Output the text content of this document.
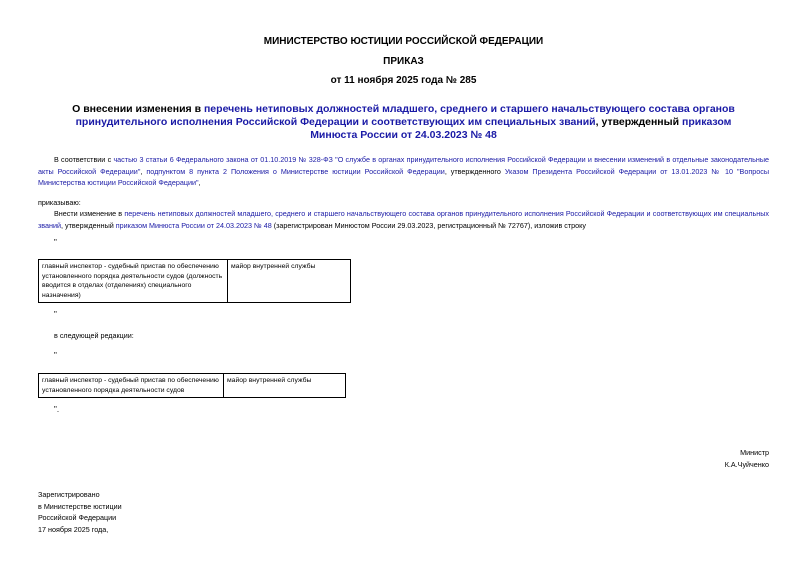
МИНИСТЕРСТВО ЮСТИЦИИ РОССИЙСКОЙ ФЕДЕРАЦИИ
ПРИКАЗ
от 11 ноября 2025 года № 285
О внесении изменения в перечень нетиповых должностей младшего, среднего и старшего начальствующего состава органов принудительного исполнения Российской Федерации и соответствующих им специальных званий, утвержденный приказом Минюста России от 24.03.2023 № 48
В соответствии с частью 3 статьи 6 Федерального закона от 01.10.2019 № 328-ФЗ "О службе в органах принудительного исполнения Российской Федерации и внесении изменений в отдельные законодательные акты Российской Федерации", подпунктом 8 пункта 2 Положения о Министерстве юстиции Российской Федерации, утвержденного Указом Президента Российской Федерации от 13.01.2023 № 10 "Вопросы Министерства юстиции Российской Федерации",
приказываю:
Внести изменение в перечень нетиповых должностей младшего, среднего и старшего начальствующего состава органов принудительного исполнения Российской Федерации и соответствующих им специальных званий, утвержденный приказом Минюста России от 24.03.2023 № 48 (зарегистрирован Минюстом России 29.03.2023, регистрационный № 72767), изложив строку
"
главный инспектор - судебный пристав по обеспечению установленного порядка деятельности судов (должность вводится в отделах (отделениях) специального назначения)	майор внутренней службы
"
в следующей редакции:
"
главный инспектор - судебный пристав по обеспечению установленного порядка деятельности судов	майор внутренней службы
".
Министр
К.А.Чуйченко
Зарегистрировано
в Министерстве юстиции
Российской Федерации
17 ноября 2025 года,
